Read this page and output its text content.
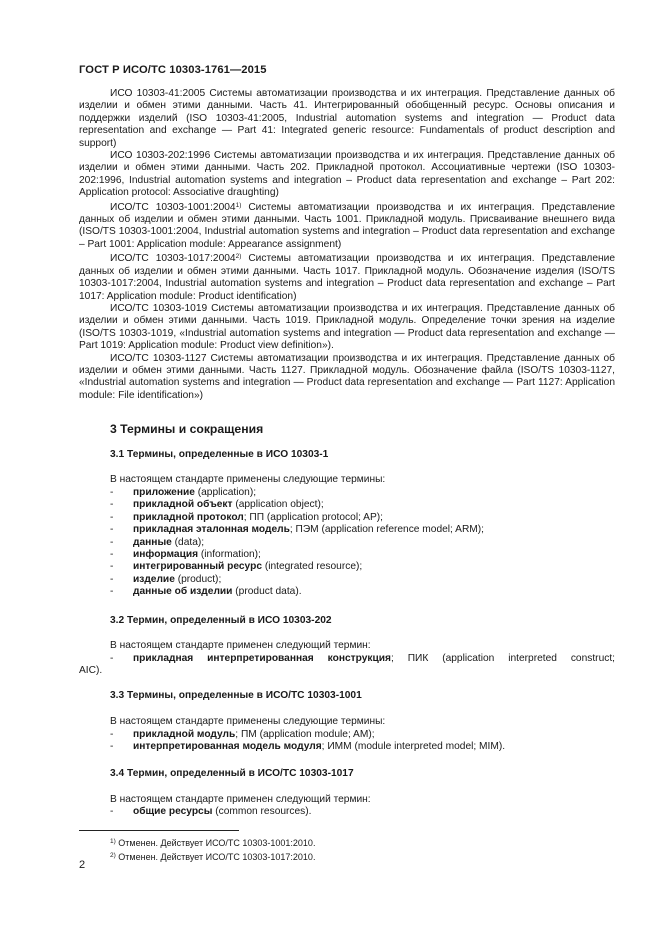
ГОСТ Р ИСО/ТС 10303-1761—2015

ИСО 10303-41:2005 Системы автоматизации производства и их интеграция. Представление данных об изделии и обмен этими данными. Часть 41. Интегрированный обобщенный ресурс. Основы описания и поддержки изделий (ISO 10303-41:2005, Industrial automation systems and integration — Product data representation and exchange — Part 41: Integrated generic resource: Fundamentals of product description and support)

ИСО 10303-202:1996 Системы автоматизации производства и их интеграция. Представление данных об изделии и обмен этими данными. Часть 202. Прикладной протокол. Ассоциативные чертежи (ISO 10303-202:1996, Industrial automation systems and integration – Product data representation and exchange – Part 202: Application protocol: Associative draughting)

ИСО/ТС 10303-1001:2004$^{1)}$ Системы автоматизации производства и их интеграция. Представление данных об изделии и обмен этими данными. Часть 1001. Прикладной модуль. Присваивание внешнего вида (ISO/TS 10303-1001:2004, Industrial automation systems and integration – Product data representation and exchange – Part 1001: Application module: Appearance assignment)

ИСО/ТС 10303-1017:2004$^{2)}$ Системы автоматизации производства и их интеграция. Представление данных об изделии и обмен этими данными. Часть 1017. Прикладной модуль. Обозначение изделия (ISO/TS 10303-1017:2004, Industrial automation systems and integration – Product data representation and exchange – Part 1017: Application module: Product identification)

ИСО/ТС 10303-1019 Системы автоматизации производства и их интеграция. Представление данных об изделии и обмен этими данными. Часть 1019. Прикладной модуль. Определение точки зрения на изделие (ISO/TS 10303-1019, «Industrial automation systems and integration — Product data representation and exchange — Part 1019: Application module: Product view definition»).

ИСО/ТС 10303-1127 Системы автоматизации производства и их интеграция. Представление данных об изделии и обмен этими данными. Часть 1127. Прикладной модуль. Обозначение файла (ISO/TS 10303-1127, «Industrial automation systems and integration — Product data representation and exchange — Part 1127: Application module: File identification»)

3 Термины и сокращения
3.1 Термины, определенные в ИСО 10303-1
В настоящем стандарте применены следующие термины:
- приложение (application);
- прикладной объект (application object);
- прикладной протокол; ПП (application protocol; AP);
- прикладная эталонная модель; ПЭМ (application reference model; ARM);
- данные (data);
- информация (information);
- интегрированный ресурс (integrated resource);
- изделие (product);
- данные об изделии (product data).
3.2 Термин, определенный в ИСО 10303-202
В настоящем стандарте применен следующий термин:
- прикладная интерпретированная конструкция; ПИК (application interpreted construct;
AIC).
3.3 Термины, определенные в ИСО/ТС 10303-1001
В настоящем стандарте применены следующие термины:
- прикладной модуль; ПМ (application module; AM);
- интерпретированная модель модуля; ИММ (module interpreted model; MIM).
3.4 Термин, определенный в ИСО/ТС 10303-1017
В настоящем стандарте применен следующий термин:
- общие ресурсы (common resources).
$^{1)}$ Отменен. Действует ИСО/ТС 10303-1001:2010.
$^{2)}$ Отменен. Действует ИСО/ТС 10303-1017:2010.
2
